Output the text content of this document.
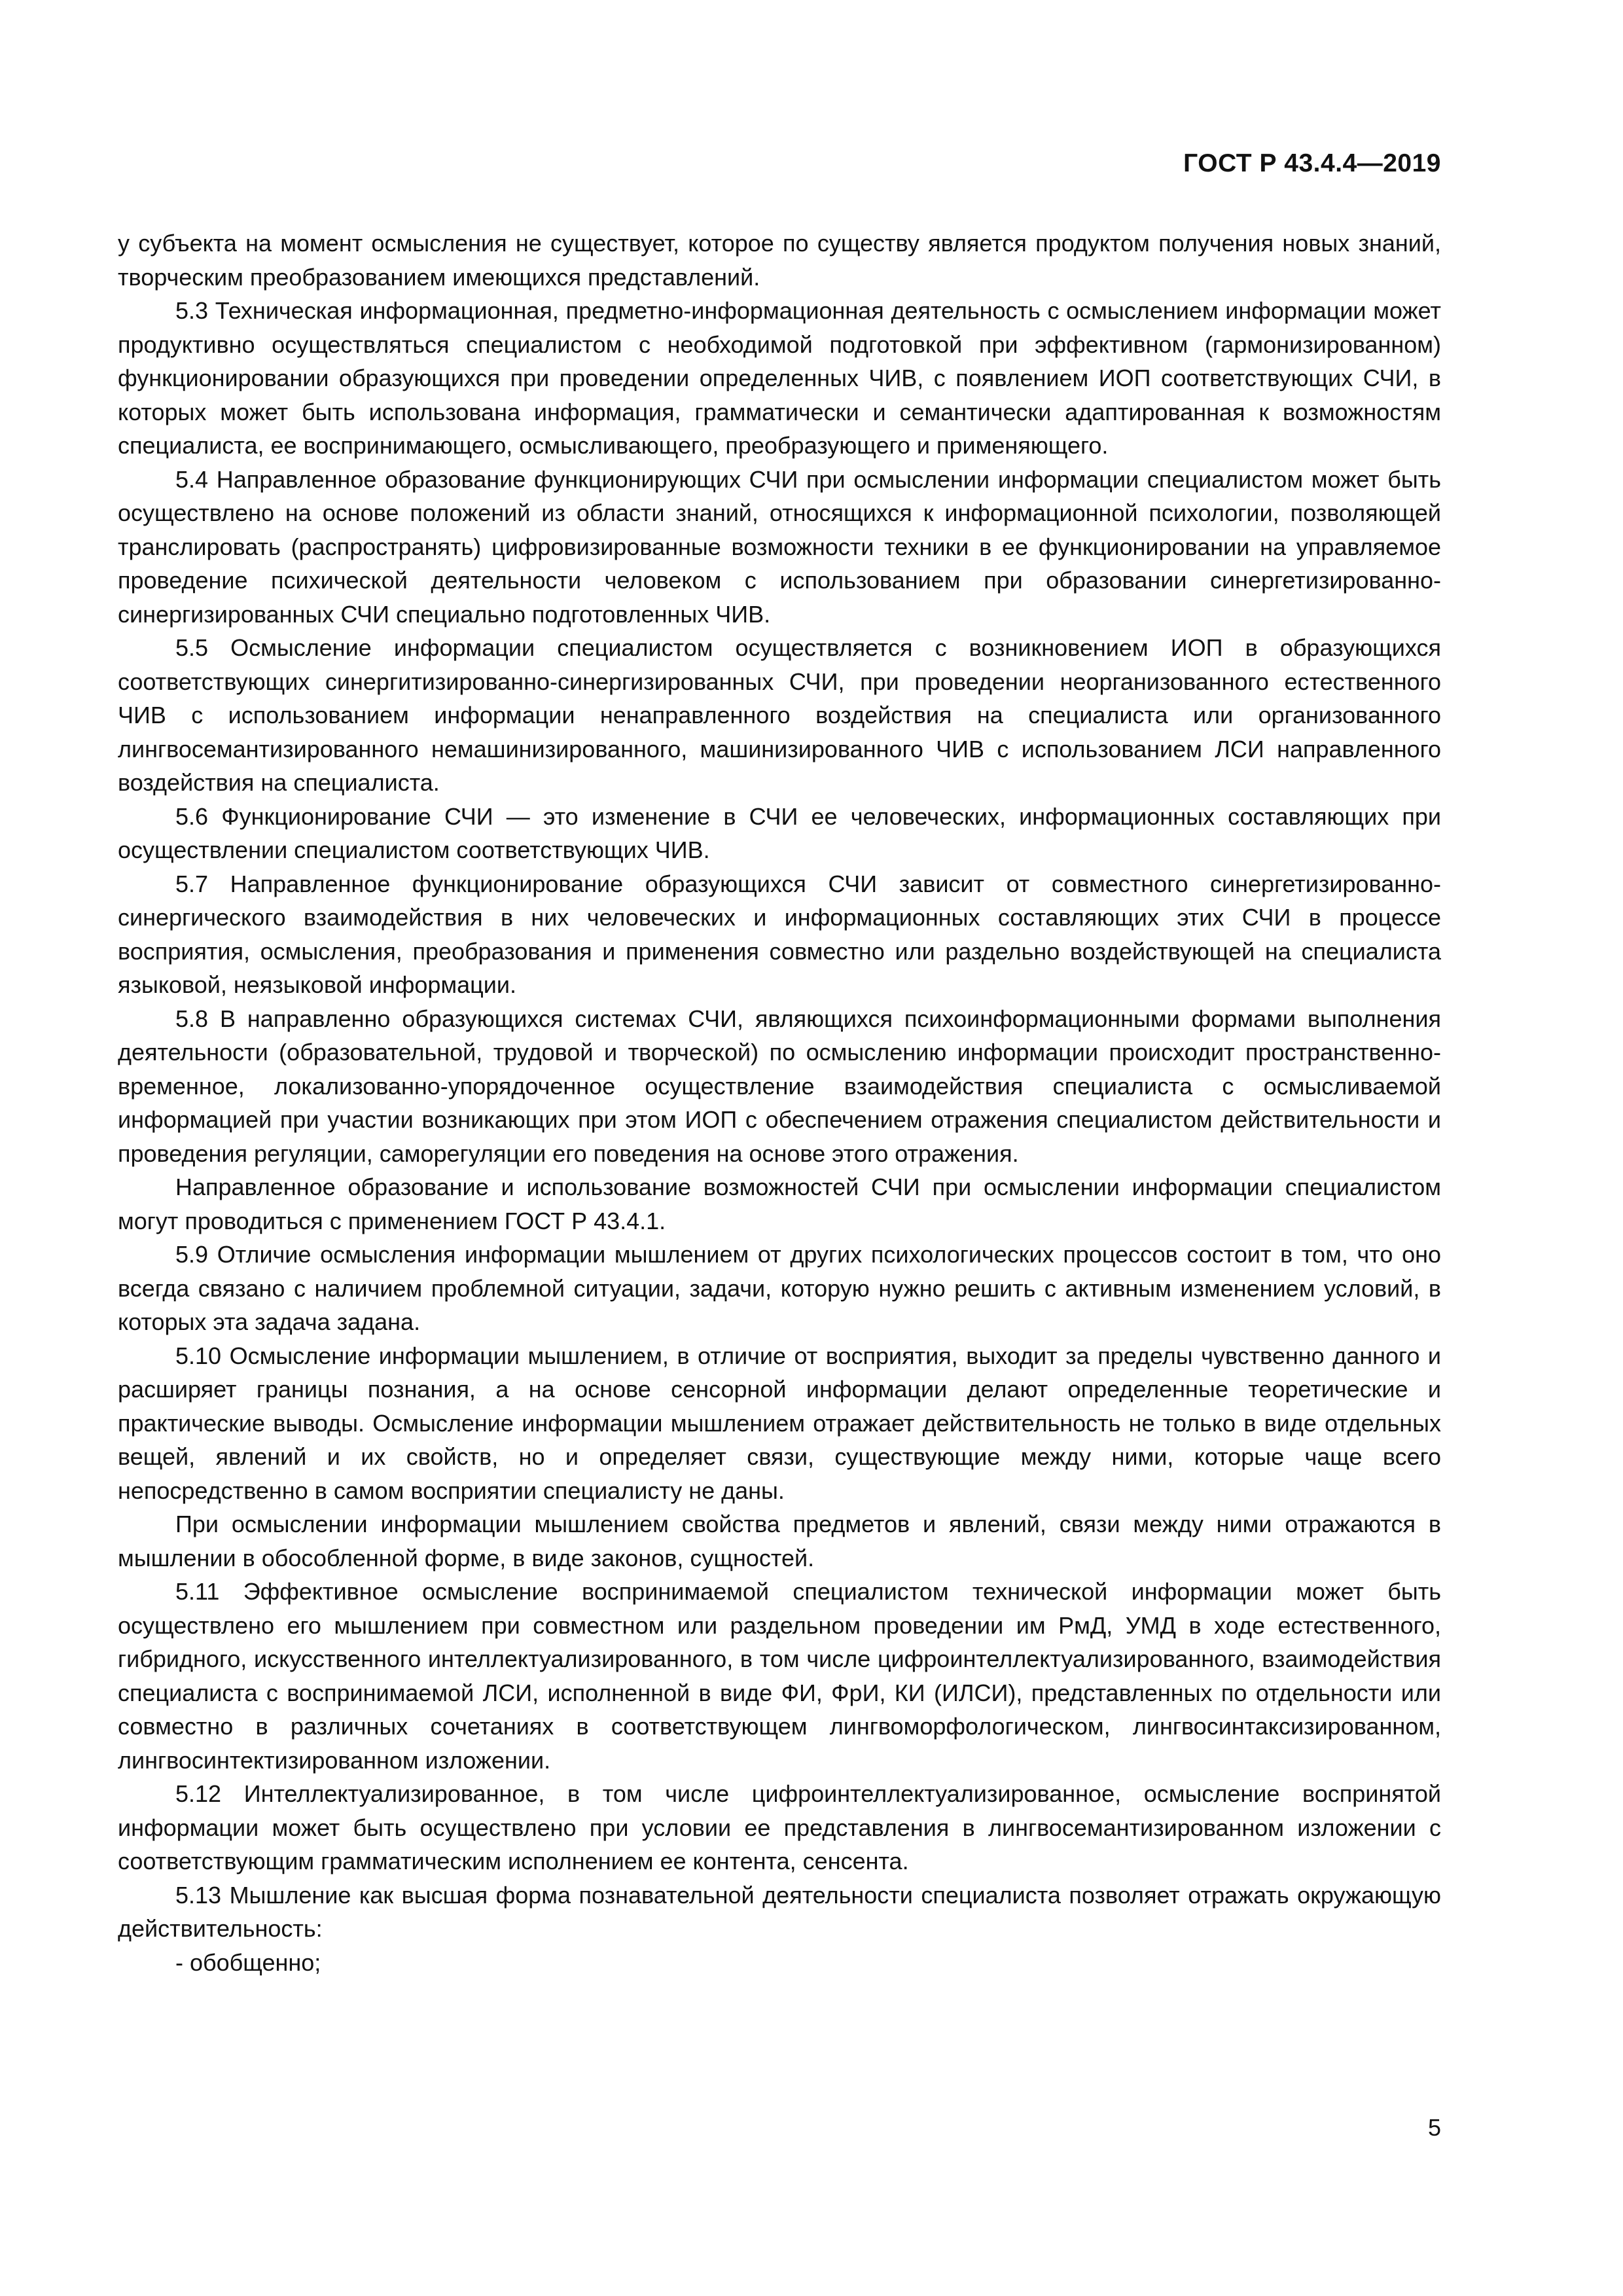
ГОСТ Р 43.4.4—2019

у субъекта на момент осмысления не существует, которое по существу является продуктом получения новых знаний, творческим преобразованием имеющихся представлений.

5.3 Техническая информационная, предметно-информационная деятельность с осмыслением информации может продуктивно осуществляться специалистом с необходимой подготовкой при эффективном (гармонизированном) функционировании образующихся при проведении определенных ЧИВ, с появлением ИОП соответствующих СЧИ, в которых может быть использована информация, грамматически и семантически адаптированная к возможностям специалиста, ее воспринимающего, осмысливающего, преобразующего и применяющего.

5.4 Направленное образование функционирующих СЧИ при осмыслении информации специалистом может быть осуществлено на основе положений из области знаний, относящихся к информационной психологии, позволяющей транслировать (распространять) цифровизированные возможности техники в ее функционировании на управляемое проведение психической деятельности человеком с использованием при образовании синергетизированно-синергизированных СЧИ специально подготовленных ЧИВ.

5.5 Осмысление информации специалистом осуществляется с возникновением ИОП в образующихся соответствующих синергитизированно-синергизированных СЧИ, при проведении неорганизованного естественного ЧИВ с использованием информации ненаправленного воздействия на специалиста или организованного лингвосемантизированного немашинизированного, машинизированного ЧИВ с использованием ЛСИ направленного воздействия на специалиста.

5.6 Функционирование СЧИ — это изменение в СЧИ ее человеческих, информационных составляющих при осуществлении специалистом соответствующих ЧИВ.

5.7 Направленное функционирование образующихся СЧИ зависит от совместного синергетизированно-синергического взаимодействия в них человеческих и информационных составляющих этих СЧИ в процессе восприятия, осмысления, преобразования и применения совместно или раздельно воздействующей на специалиста языковой, неязыковой информации.

5.8 В направленно образующихся системах СЧИ, являющихся психоинформационными формами выполнения деятельности (образовательной, трудовой и творческой) по осмыслению информации происходит пространственно-временное, локализованно-упорядоченное осуществление взаимодействия специалиста с осмысливаемой информацией при участии возникающих при этом ИОП с обеспечением отражения специалистом действительности и проведения регуляции, саморегуляции его поведения на основе этого отражения.

Направленное образование и использование возможностей СЧИ при осмыслении информации специалистом могут проводиться с применением ГОСТ Р 43.4.1.

5.9 Отличие осмысления информации мышлением от других психологических процессов состоит в том, что оно всегда связано с наличием проблемной ситуации, задачи, которую нужно решить с активным изменением условий, в которых эта задача задана.

5.10 Осмысление информации мышлением, в отличие от восприятия, выходит за пределы чувственно данного и расширяет границы познания, а на основе сенсорной информации делают определенные теоретические и практические выводы. Осмысление информации мышлением отражает действительность не только в виде отдельных вещей, явлений и их свойств, но и определяет связи, существующие между ними, которые чаще всего непосредственно в самом восприятии специалисту не даны.

При осмыслении информации мышлением свойства предметов и явлений, связи между ними отражаются в мышлении в обособленной форме, в виде законов, сущностей.

5.11 Эффективное осмысление воспринимаемой специалистом технической информации может быть осуществлено его мышлением при совместном или раздельном проведении им РмД, УМД в ходе естественного, гибридного, искусственного интеллектуализированного, в том числе цифроинтеллектуализированного, взаимодействия специалиста с воспринимаемой ЛСИ, исполненной в виде ФИ, ФрИ, КИ (ИЛСИ), представленных по отдельности или совместно в различных сочетаниях в соответствующем лингвоморфологическом, лингвосинтаксизированном, лингвосинтектизированном изложении.

5.12 Интеллектуализированное, в том числе цифроинтеллектуализированное, осмысление воспринятой информации может быть осуществлено при условии ее представления в лингвосемантизированном изложении с соответствующим грамматическим исполнением ее контента, сенсента.

5.13 Мышление как высшая форма познавательной деятельности специалиста позволяет отражать окружающую действительность:

- обобщенно;

5
